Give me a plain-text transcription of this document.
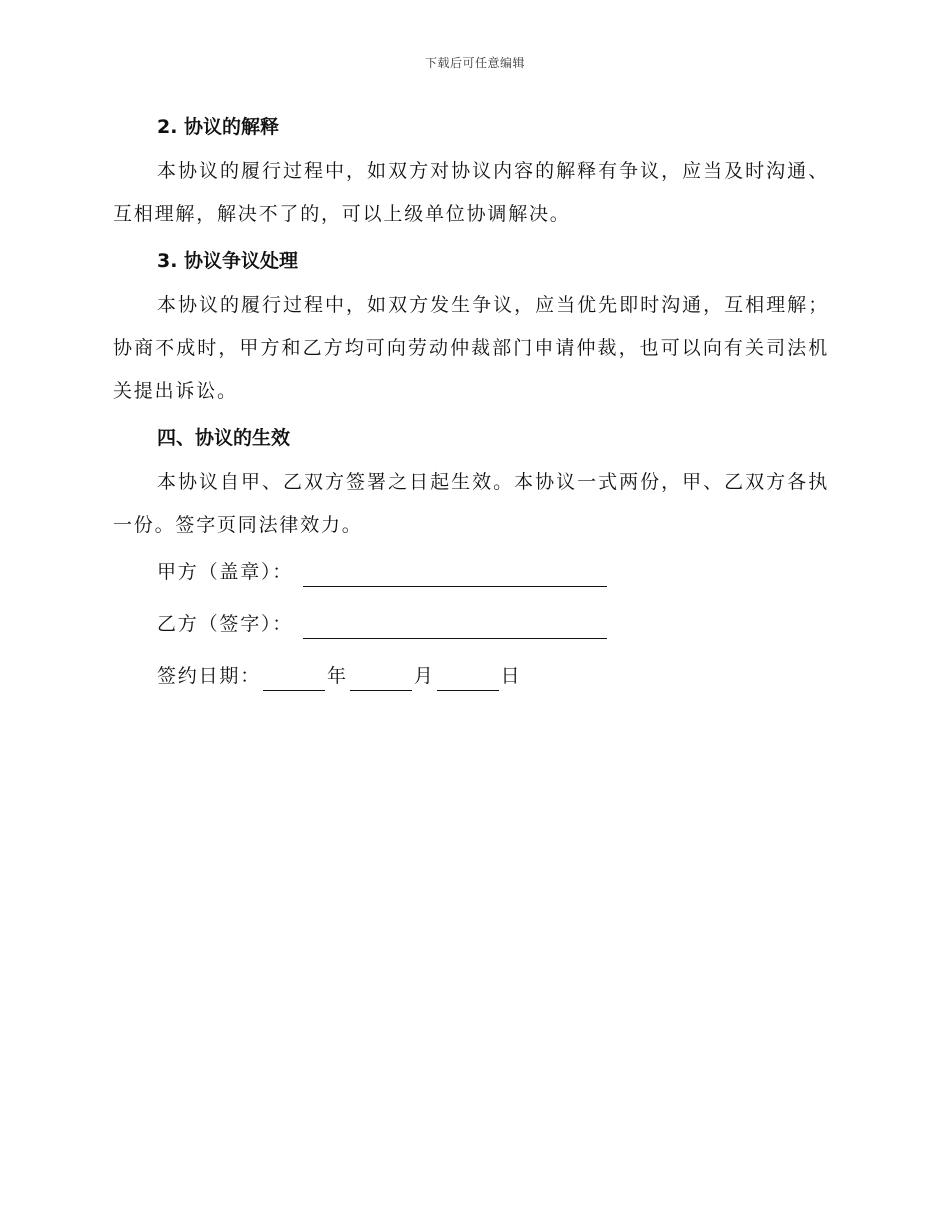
下载后可任意编辑
2. 协议的解释

本协议的履行过程中，如双方对协议内容的解释有争议，应当及时沟通、互相理解，解决不了的，可以上级单位协调解决。

3. 协议争议处理

本协议的履行过程中，如双方发生争议，应当优先即时沟通，互相理解；协商不成时，甲方和乙方均可向劳动仲裁部门申请仲裁，也可以向有关司法机关提出诉讼。

四、协议的生效

本协议自甲、乙双方签署之日起生效。本协议一式两份，甲、乙双方各执一份。签字页同法律效力。

甲方（盖章）：
乙方（签字）：
签约日期：	年	月	日
